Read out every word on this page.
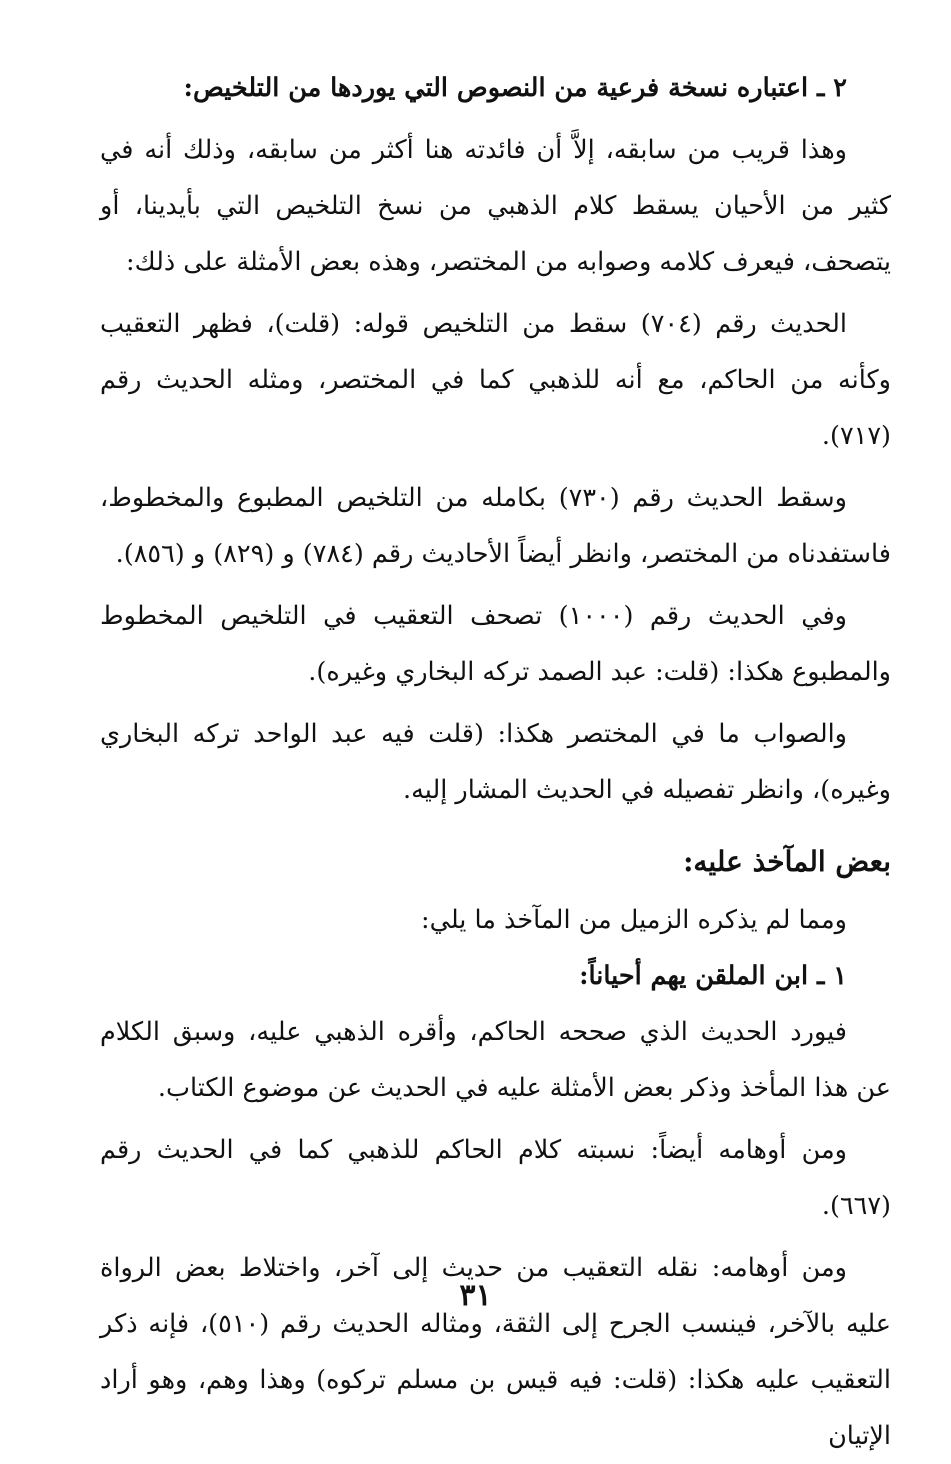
٢ ـ اعتباره نسخة فرعية من النصوص التي يوردها من التلخيص:

وهذا قريب من سابقه، إلاَّ أن فائدته هنا أكثر من سابقه، وذلك أنه في كثير من الأحيان يسقط كلام الذهبي من نسخ التلخيص التي بأيدينا، أو يتصحف، فيعرف كلامه وصوابه من المختصر، وهذه بعض الأمثلة على ذلك:

الحديث رقم (٧٠٤) سقط من التلخيص قوله: (قلت)، فظهر التعقيب وكأنه من الحاكم، مع أنه للذهبي كما في المختصر، ومثله الحديث رقم (٧١٧).

وسقط الحديث رقم (٧٣٠) بكامله من التلخيص المطبوع والمخطوط، فاستفدناه من المختصر، وانظر أيضاً الأحاديث رقم (٧٨٤) و (٨٢٩) و (٨٥٦).

وفي الحديث رقم (١٠٠٠) تصحف التعقيب في التلخيص المخطوط والمطبوع هكذا: (قلت: عبد الصمد تركه البخاري وغيره).

والصواب ما في المختصر هكذا: (قلت فيه عبد الواحد تركه البخاري وغيره)، وانظر تفصيله في الحديث المشار إليه.

بعض المآخذ عليه:

ومما لم يذكره الزميل من المآخذ ما يلي:

١ ـ ابن الملقن يهم أحياناً:

فيورد الحديث الذي صححه الحاكم، وأقره الذهبي عليه، وسبق الكلام عن هذا المأخذ وذكر بعض الأمثلة عليه في الحديث عن موضوع الكتاب.

ومن أوهامه أيضاً: نسبته كلام الحاكم للذهبي كما في الحديث رقم (٦٦٧).

ومن أوهامه: نقله التعقيب من حديث إلى آخر، واختلاط بعض الرواة عليه بالآخر، فينسب الجرح إلى الثقة، ومثاله الحديث رقم (٥١٠)، فإنه ذكر التعقيب عليه هكذا: (قلت: فيه قيس بن مسلم تركوه) وهذا وهم، وهو أراد الإتيان

٣١
